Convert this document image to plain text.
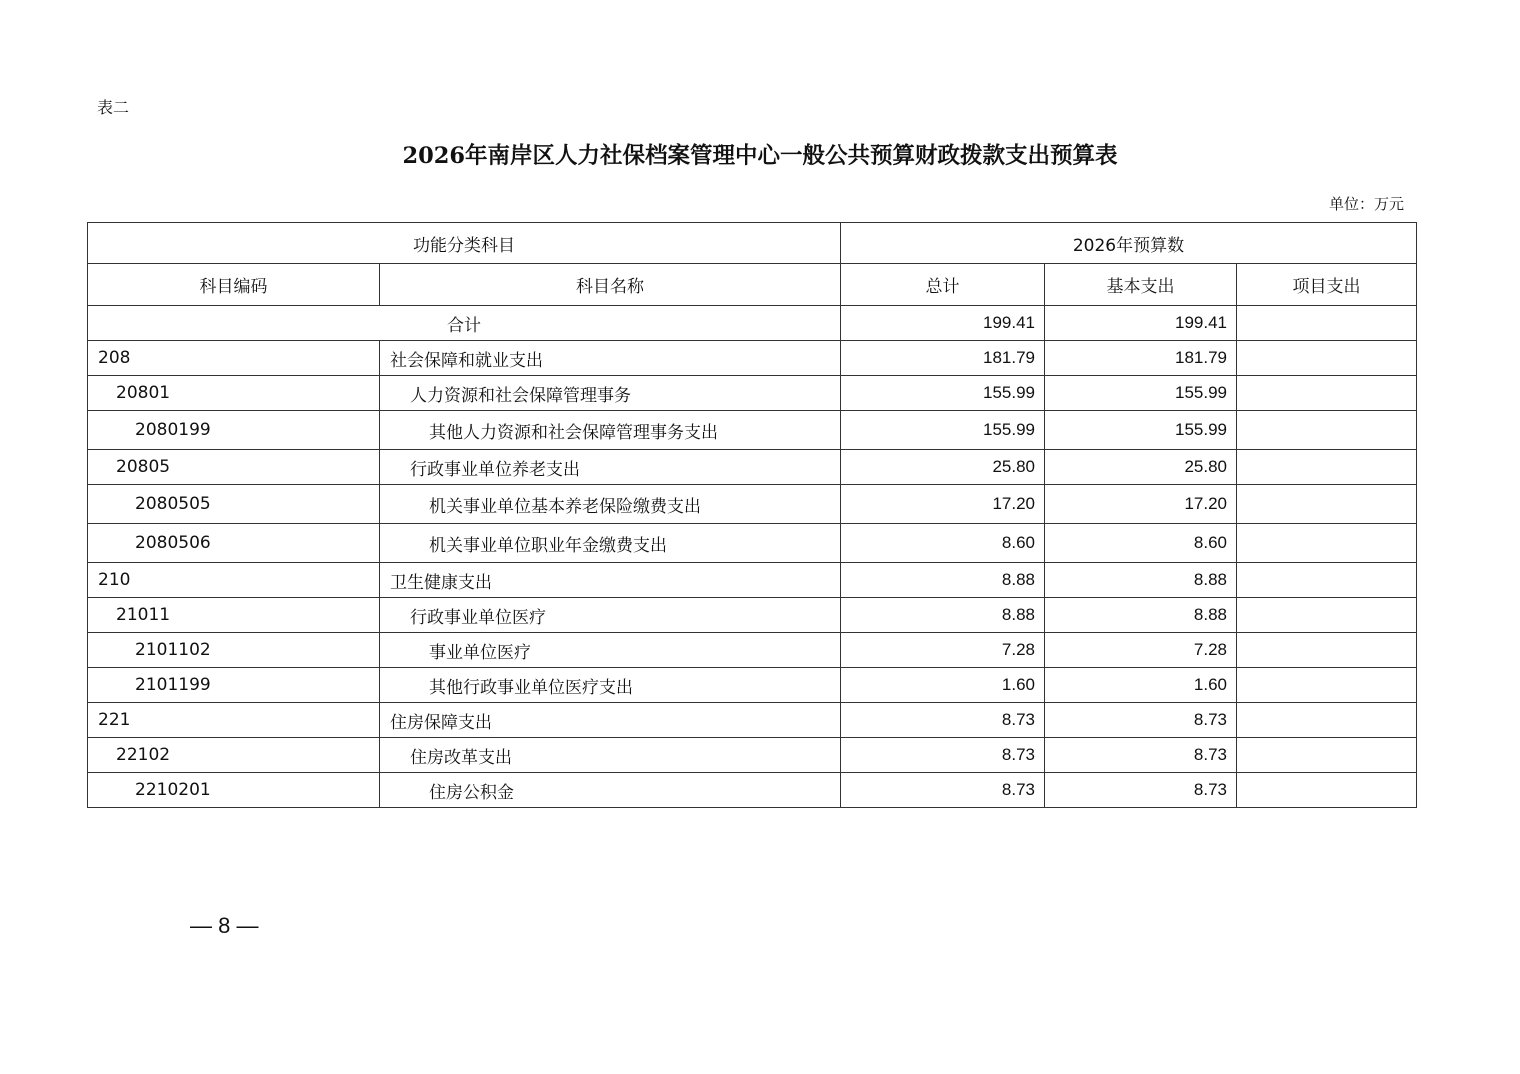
表二
2026年南岸区人力社保档案管理中心一般公共预算财政拨款支出预算表
单位：万元
功能分类科目		2026年预算数		
科目编码	科目名称	总计	基本支出	项目支出
合计		199.41	199.41	
208	社会保障和就业支出	181.79	181.79	
20801	人力资源和社会保障管理事务	155.99	155.99	
2080199	其他人力资源和社会保障管理事务支出	155.99	155.99	
20805	行政事业单位养老支出	25.80	25.80	
2080505	机关事业单位基本养老保险缴费支出	17.20	17.20	
2080506	机关事业单位职业年金缴费支出	8.60	8.60	
210	卫生健康支出	8.88	8.88	
21011	行政事业单位医疗	8.88	8.88	
2101102	事业单位医疗	7.28	7.28	
2101199	其他行政事业单位医疗支出	1.60	1.60	
221	住房保障支出	8.73	8.73	
22102	住房改革支出	8.73	8.73	
2210201	住房公积金	8.73	8.73	
— 8 —
